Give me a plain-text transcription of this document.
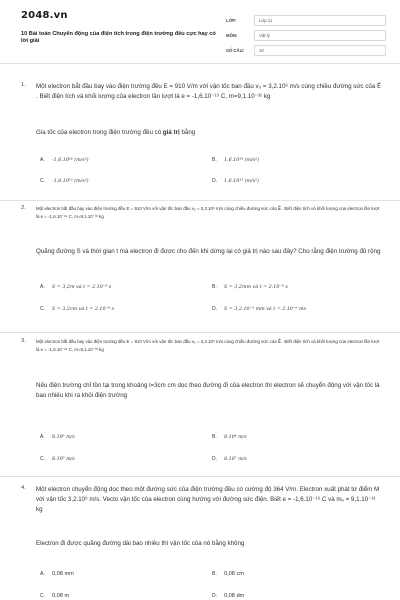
2048.vn
10 Bài toán Chuyển động của điện tích trong điện trường đều cực hay có lời giải
LỚP:	Lớp 11
MÔN:	Vật lý
SỐ CÂU:	10
1. Một electron bắt đầu bay vào điện trường đều E = 910 V/m với vận tốc ban đầu v₀ = 3,2.10⁶ m/s cùng chiều đường sức của E⃗ . Biết điện tích và khối lượng của electron lần lượt là e = -1,6.10⁻¹⁹ C, m=9,1.10⁻³¹ kg
Gia tốc của electron trong điện trường đều có giá trị bằng
A. -1,6.10¹⁴ (m/s²)	B. 1,6.10¹⁴ (m/s²)
C. -1,6.10¹³ (m/s²)	D. 1,6.10¹³ (m/s²)
2. Một electron bắt đầu bay vào điện trường đều E = 910 V/m với vận tốc ban đầu v₀ = 3,2.10⁶ m/s cùng chiều đường sức của E⃗ . Biết điện tích và khối lượng của electron lần lượt là e = -1,6.10⁻¹⁹ C, m=9,1.10⁻³¹ kg
Quãng đường S và thời gian t mà electron đi được cho đến khi dừng lại có giá trị nào sau đây? Cho rằng điện trường đủ rộng
A. S = 3,2m và t = 2.10⁻⁹ s	B. S = 3,2mm và t = 2.10⁻⁹ s
C. S = 3,2cm và t = 2.10⁻⁸ s	D. S = 3,2.10⁻³ mm và t = 2.10⁻⁶ ms
3. Một electron bắt đầu bay vào điện trường đều E = 910 V/m với vận tốc ban đầu v₀ = 3,2.10⁶ m/s cùng chiều đường sức của E⃗ . Biết điện tích và khối lượng của electron lần lượt là e = -1,6.10⁻¹⁹ C, m=9,1.10⁻³¹ kg
Nếu điện trường chỉ tồn tại trong khoảng l=3cm cm dọc theo đường đi của electron thì electron sẽ chuyển động với vận tốc là bao nhiêu khi ra khỏi điện trường
A. 8.10⁶ m/s	B. 8.10⁴ m/s
C. 8.10⁵ m/s	D. 8.10⁷ m/s
4. Một electron chuyển động dọc theo một đường sức của điện trường đều có cường độ 364 V/m. Electron xuất phát từ điểm M với vận tốc 3,2.10⁶ m/s. Vecto vận tốc của electron cùng hướng với đường sức điện. Biết e = -1,6.10⁻¹⁹ C và mₑ = 9,1.10⁻³¹ kg
Electron đi được quãng đường dài bao nhiêu thì vận tốc của nó bằng không
A. 0,08 mm	B. 0,08 cm
C. 0,08 m	D. 0,08 dm
